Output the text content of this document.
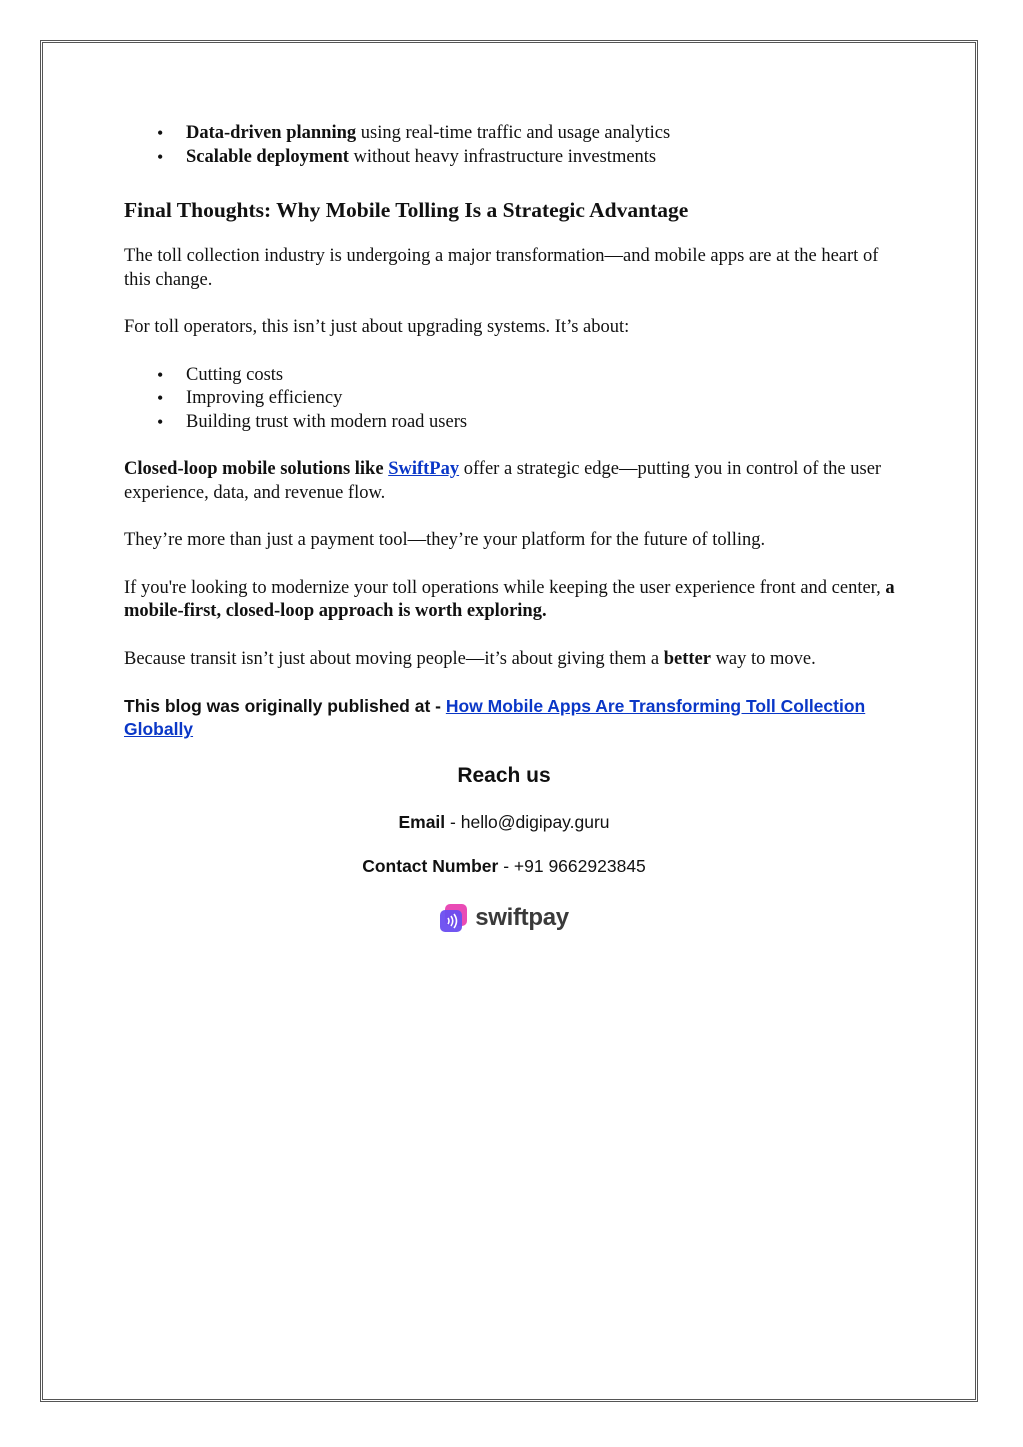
• Data-driven planning using real-time traffic and usage analytics
• Scalable deployment without heavy infrastructure investments
Final Thoughts: Why Mobile Tolling Is a Strategic Advantage

The toll collection industry is undergoing a major transformation—and mobile apps are at the heart of this change.

For toll operators, this isn’t just about upgrading systems. It’s about:

• Cutting costs
• Improving efficiency
• Building trust with modern road users

Closed-loop mobile solutions like SwiftPay offer a strategic edge—putting you in control of the user experience, data, and revenue flow.

They’re more than just a payment tool—they’re your platform for the future of tolling.

If you're looking to modernize your toll operations while keeping the user experience front and center, a mobile-first, closed-loop approach is worth exploring.

Because transit isn’t just about moving people—it’s about giving them a better way to move.

This blog was originally published at - How Mobile Apps Are Transforming Toll Collection Globally

Reach us
Email - hello@digipay.guru
Contact Number - +91 9662923845
swiftpay
